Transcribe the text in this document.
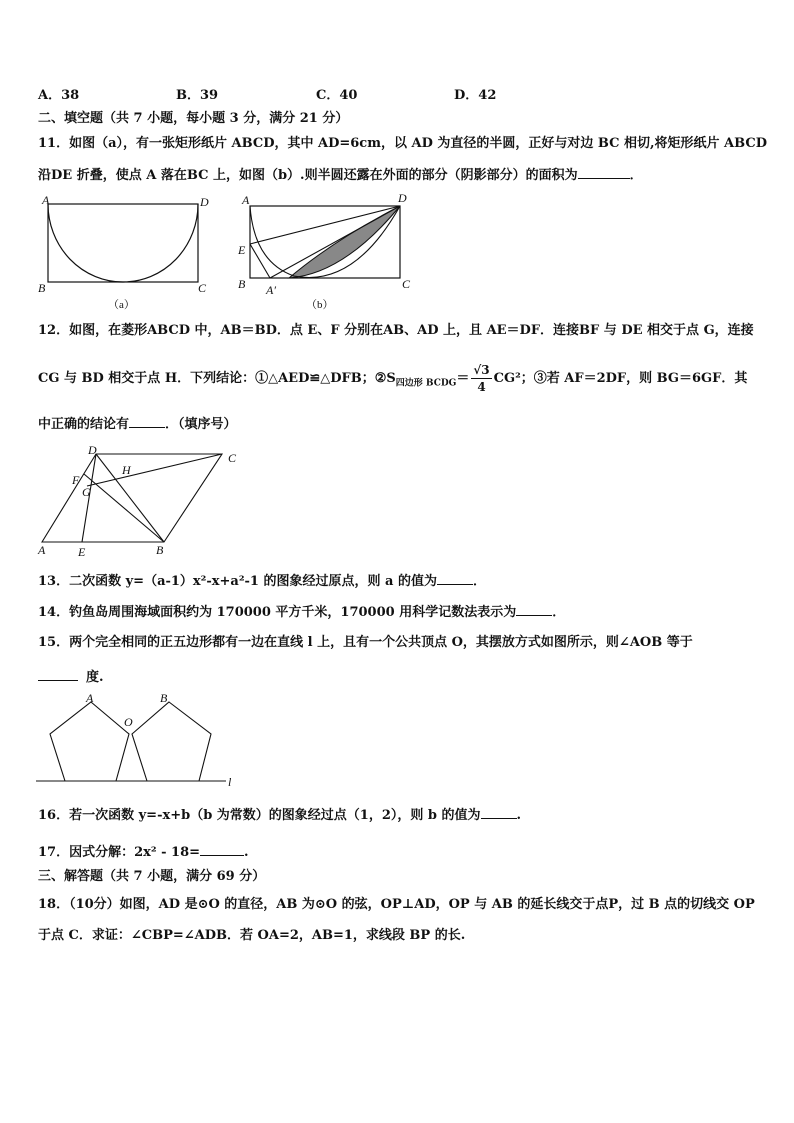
A．38	B．39	C．40	D．42
二、填空题（共 7 小题，每小题 3 分，满分 21 分）
11．如图（a），有一张矩形纸片 ABCD，其中 AD=6cm，以 AD 为直径的半圆，正好与对边 BC 相切,将矩形纸片 ABCD
沿DE 折叠，使点 A 落在BC 上，如图（b）.则半圆还露在外面的部分（阴影部分）的面积为	．
A	D
B	C
（a）
A	D
E
B A′	C
（b）
12．如图，在菱形ABCD 中，AB＝BD．点 E、F 分别在AB、AD 上，且 AE＝DF．连接BF 与 DE 相交于点 G，连接
CG 与 BD 相交于点 H．下列结论：①△AED≌△DFB；$②S_{四边形 BCDG}= \frac{√3}{4} CG^2$；③若 AF＝2DF，则 BG＝6GF．其
中正确的结论有	．（填序号）
D
C
H
F
G
A	E	B
13．二次函数 y=（a-1）x²-x+a²-1 的图象经过原点，则 a 的值为	．
14．钓鱼岛周围海域面积约为 170000 平方千米，170000 用科学记数法表示为	．
15．两个完全相同的正五边形都有一边在直线 l 上，且有一个公共顶点 O，其摆放方式如图所示，则∠AOB 等于
度.
A	B
O
l
16．若一次函数 y=-x+b（b 为常数）的图象经过点（1，2），则 b 的值为	.
17．因式分解：2x² - 18=	.
三、解答题（共 7 小题，满分 69 分）
18．（10分）如图，AD 是⊙O 的直径，AB 为⊙O 的弦，OP⊥AD，OP 与 AB 的延长线交于点P，过 B 点的切线交 OP
于点 C．求证：∠CBP=∠ADB．若 OA=2，AB=1，求线段 BP 的长.
